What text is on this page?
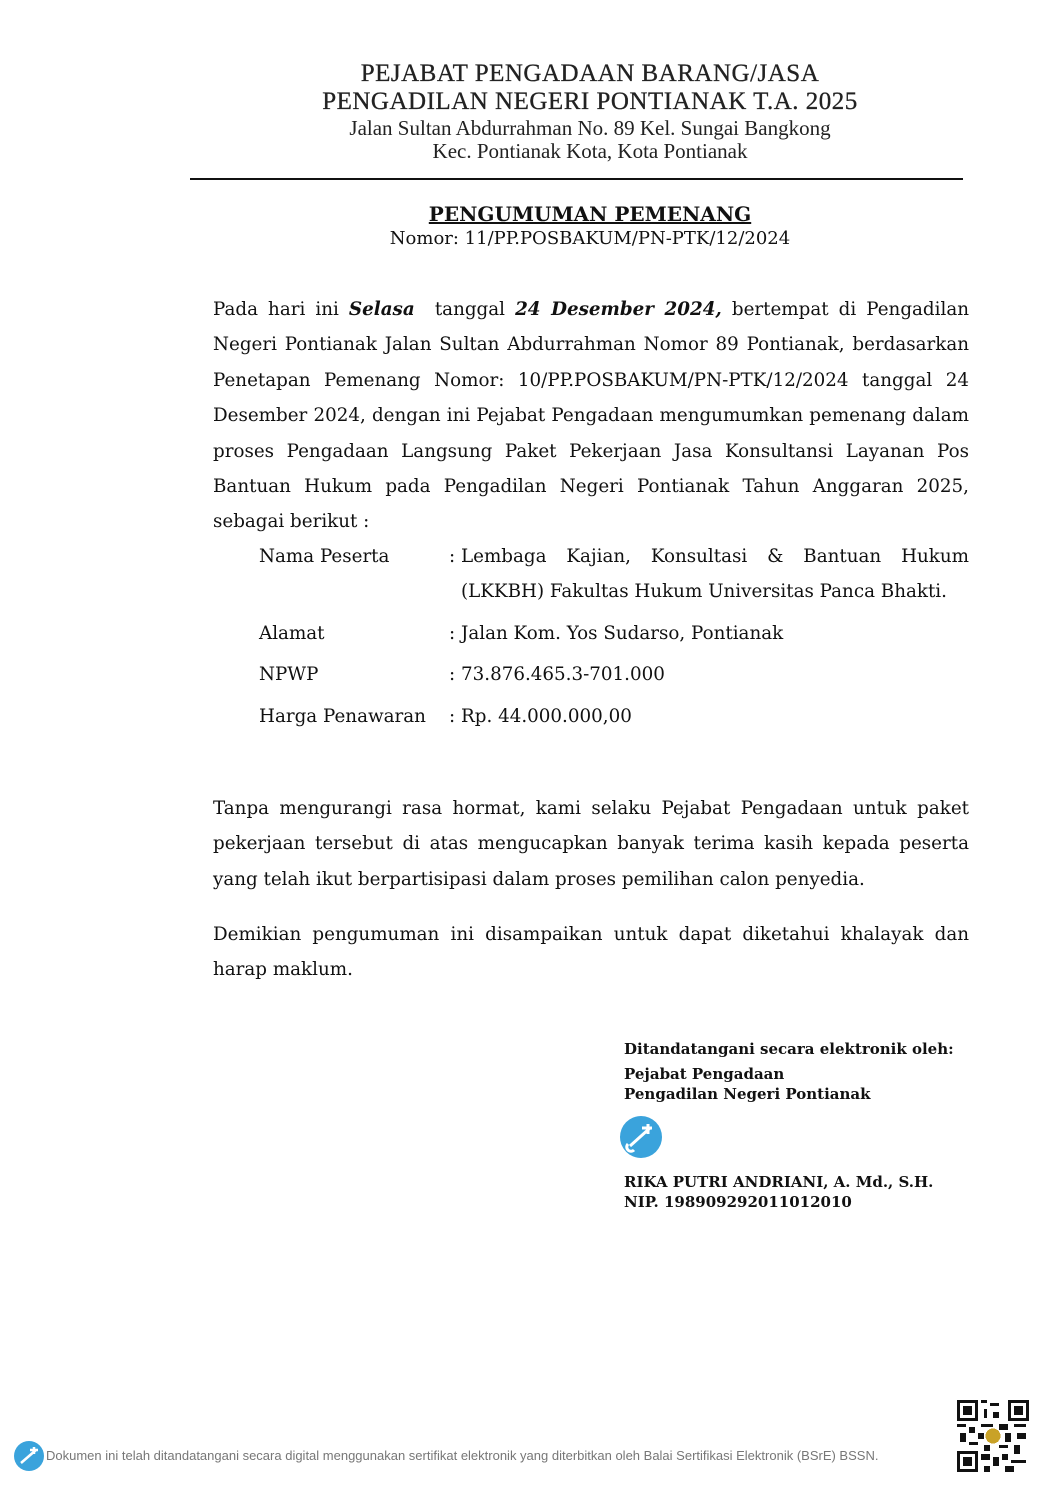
PEJABAT PENGADAAN BARANG/JASA
PENGADILAN NEGERI PONTIANAK T.A. 2025
Jalan Sultan Abdurrahman No. 89 Kel. Sungai Bangkong
Kec. Pontianak Kota, Kota Pontianak
PENGUMUMAN PEMENANG
Nomor: 11/PP.POSBAKUM/PN-PTK/12/2024
Pada hari ini Selasa  tanggal 24 Desember 2024, bertempat di Pengadilan Negeri Pontianak Jalan Sultan Abdurrahman Nomor 89 Pontianak, berdasarkan Penetapan Pemenang Nomor: 10/PP.POSBAKUM/PN-PTK/12/2024 tanggal 24 Desember 2024, dengan ini Pejabat Pengadaan mengumumkan pemenang dalam proses Pengadaan Langsung Paket Pekerjaan Jasa Konsultansi Layanan Pos Bantuan Hukum pada Pengadilan Negeri Pontianak Tahun Anggaran 2025, sebagai berikut :
Nama Peserta	: Lembaga Kajian, Konsultasi & Bantuan Hukum (LKKBH) Fakultas Hukum Universitas Panca Bhakti.
Alamat	: Jalan Kom. Yos Sudarso, Pontianak
NPWP	: 73.876.465.3-701.000
Harga Penawaran	: Rp. 44.000.000,00
Tanpa mengurangi rasa hormat, kami selaku Pejabat Pengadaan untuk paket pekerjaan tersebut di atas mengucapkan banyak terima kasih kepada peserta yang telah ikut berpartisipasi dalam proses pemilihan calon penyedia.
Demikian pengumuman ini disampaikan untuk dapat diketahui khalayak dan harap maklum.
Ditandatangani secara elektronik oleh:
Pejabat Pengadaan
Pengadilan Negeri Pontianak
RIKA PUTRI ANDRIANI, A. Md., S.H.
NIP. 198909292011012010
Dokumen ini telah ditandatangani secara digital menggunakan sertifikat elektronik yang diterbitkan oleh Balai Sertifikasi Elektronik (BSrE) BSSN.
